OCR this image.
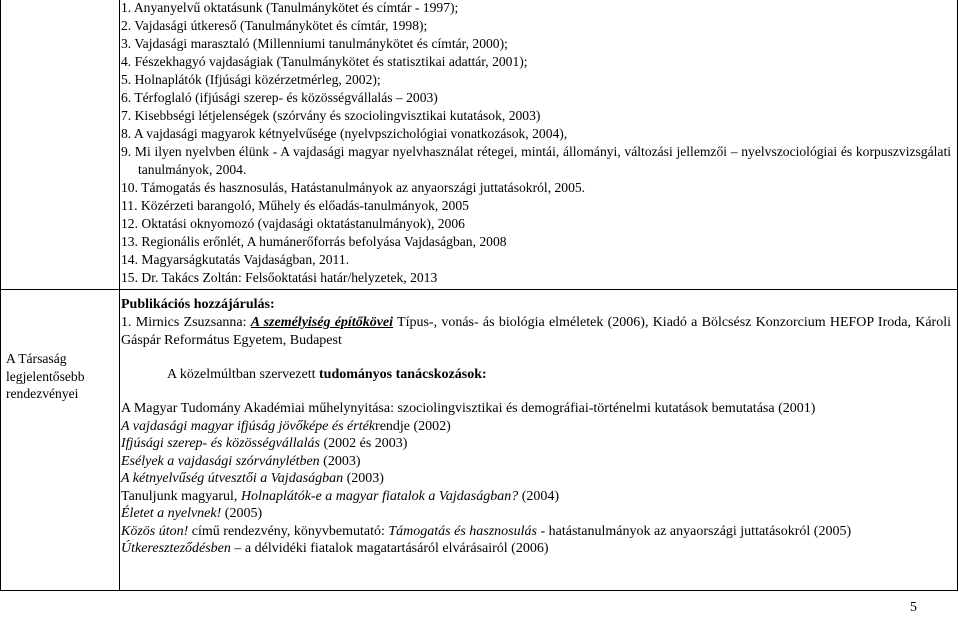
1. Anyanyelvű oktatásunk (Tanulmánykötet és címtár - 1997);
2. Vajdasági útkereső (Tanulmánykötet és címtár, 1998);
3. Vajdasági marasztaló (Millenniumi tanulmánykötet és címtár, 2000);
4. Fészekhagyó vajdaságiak (Tanulmánykötet és statisztikai adattár, 2001);
5. Holnaplátók (Ifjúsági közérzetmérleg, 2002);
6. Térfoglaló (ifjúsági szerep- és közösségvállalás – 2003)
7. Kisebbségi létjelenségek (szórvány és szociolingvisztikai kutatások, 2003)
8. A vajdasági magyarok kétnyelvűsége (nyelvpszichológiai vonatkozások, 2004),
9. Mi ilyen nyelvben élünk - A vajdasági magyar nyelvhasználat rétegei, mintái, állományi, változási jellemzői – nyelvszociológiai és korpuszvizsgálati tanulmányok, 2004.
10. Támogatás és hasznosulás, Hatástanulmányok az anyaországi juttatásokról, 2005.
11. Közérzeti barangoló, Műhely és előadás-tanulmányok, 2005
12. Oktatási oknyomozó (vajdasági oktatástanulmányok), 2006
13. Regionális erőnlét, A humánerőforrás befolyása Vajdaságban, 2008
14. Magyarságkutatás Vajdaságban, 2011.
15. Dr. Takács Zoltán: Felsőoktatási határ/helyzetek, 2013
A Társaság legjelentősebb rendezvényei
Publikációs hozzájárulás:
1. Mirnics Zsuzsanna: A személyiség építőkövei Típus-, vonás- ás biológia elméletek (2006), Kiadó a Bölcsész Konzorcium HEFOP Iroda, Károli Gáspár Református Egyetem, Budapest
A közelmúltban szervezett tudományos tanácskozások:
A Magyar Tudomány Akadémiai műhelynyitása: szociolingvisztikai és demográfiai-történelmi kutatások bemutatása (2001)
A vajdasági magyar ifjúság jövőképe és értékrendje (2002)
Ifjúsági szerep- és közösségvállalás (2002 és 2003)
Esélyek a vajdasági szórványlétben (2003)
A kétnyelvűség útvesztői a Vajdaságban (2003)
Tanuljunk magyarul, Holnaplátók-e a magyar fiatalok a Vajdaságban? (2004)
Életet a nyelvnek! (2005)
Közös úton! című rendezvény, könyvbemutató: Támogatás és hasznosulás - hatástanulmányok az anyaországi juttatásokról (2005)
Útkereszteződésben – a délvidéki fiatalok magatartásáról elvárásairól (2006)
5
